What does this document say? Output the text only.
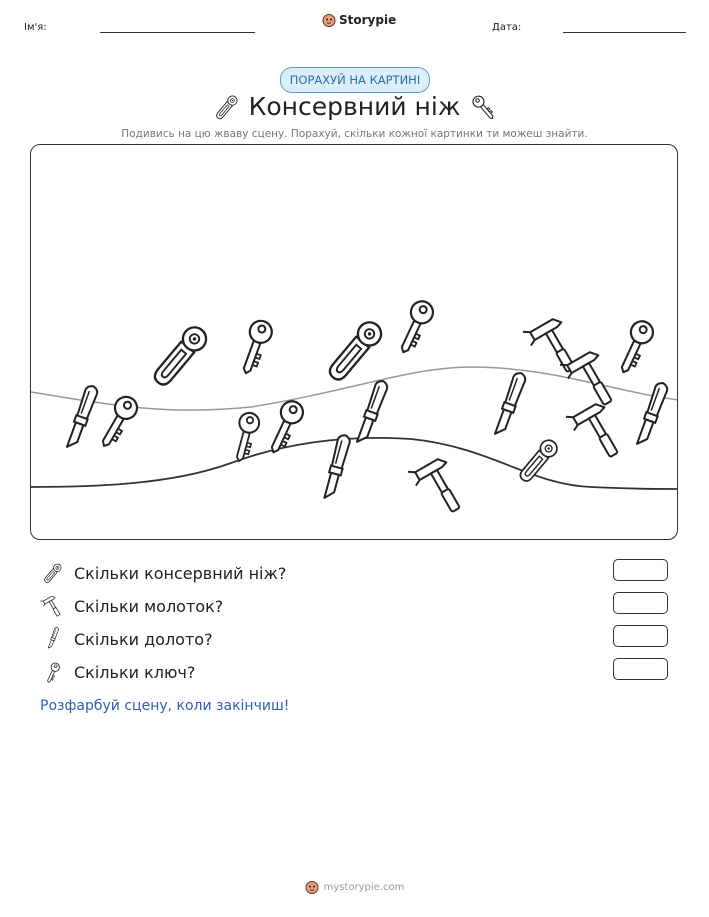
Ім'я:
Storypie
Дата:
ПОРАХУЙ НА КАРТИНІ
Консервний ніж
Подивись на цю жваву сцену. Порахуй, скільки кожної картинки ти можеш знайти.
Скільки консервний ніж?
Скільки молоток?
Скільки долото?
Скільки ключ?
Розфарбуй сцену, коли закінчиш!
mystorypie.com
